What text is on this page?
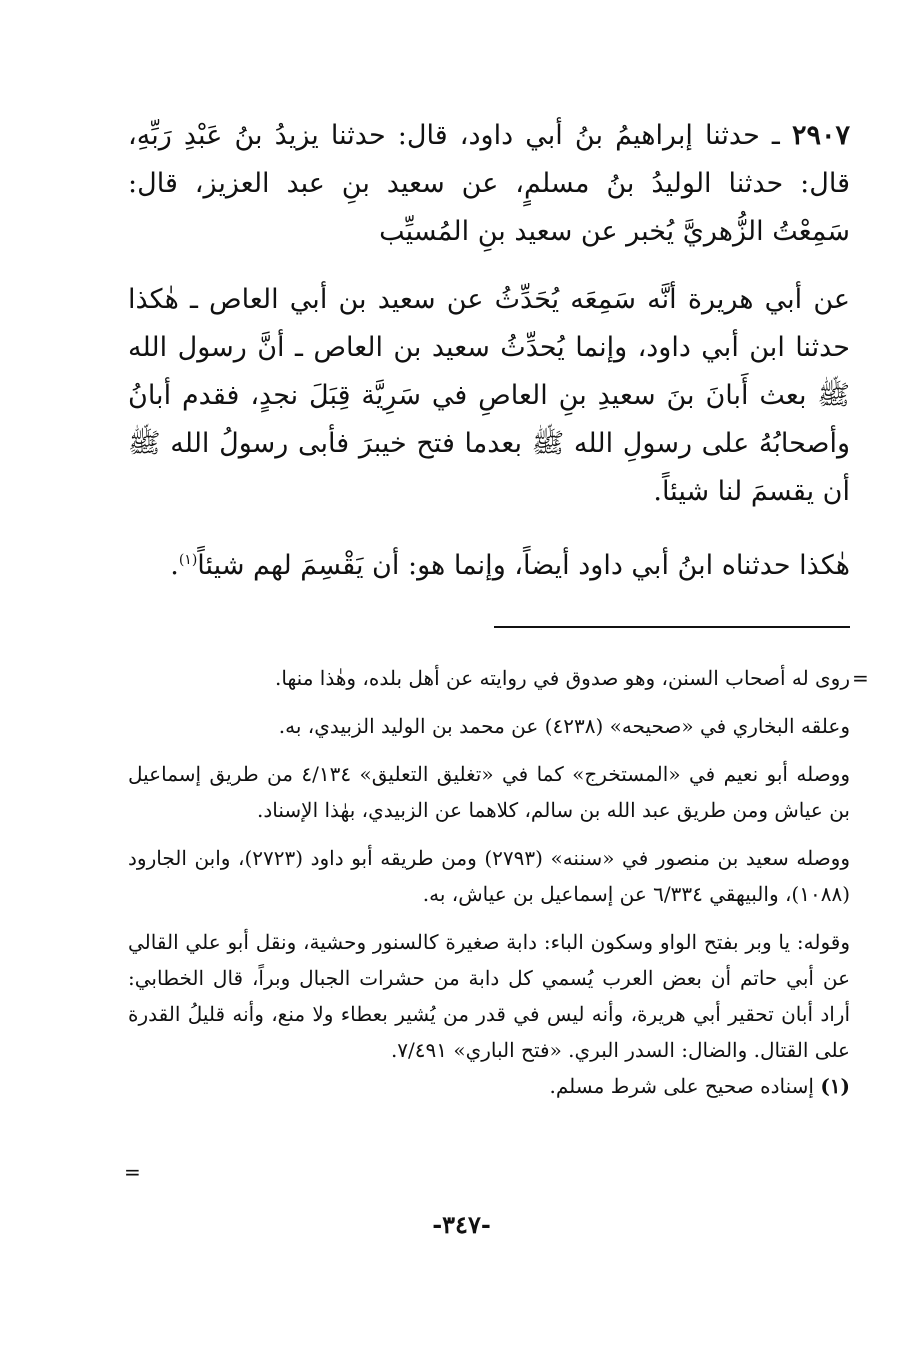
٢٩٠٧ ـ حدثنا إبراهيمُ بنُ أبي داود، قال: حدثنا يزيدُ بنُ عَبْدِ رَبِّهِ، قال: حدثنا الوليدُ بنُ مسلمٍ، عن سعيد بنِ عبد العزيز، قال: سَمِعْتُ الزُّهريَّ يُخبر عن سعيد بنِ المُسيِّب

عن أبي هريرة أنَّه سَمِعَه يُحَدِّثُ عن سعيد بن أبي العاص ـ هٰكذا حدثنا ابن أبي داود، وإنما يُحدِّثُ سعيد بن العاص ـ أنَّ رسول الله ﷺ بعث أَبانَ بنَ سعيدِ بنِ العاصِ في سَرِيَّة قِبَلَ نجدٍ، فقدم أبانُ وأصحابُهُ على رسولِ الله ﷺ بعدما فتح خيبرَ فأبى رسولُ الله ﷺ أن يقسمَ لنا شيئاً.

هٰكذا حدثناه ابنُ أبي داود أيضاً، وإنما هو: أن يَقْسِمَ لهم شيئاً$^{(١)}$.

=

روى له أصحاب السنن، وهو صدوق في روايته عن أهل بلده، وهٰذا منها.

وعلقه البخاري في «صحيحه» (٤٢٣٨) عن محمد بن الوليد الزبيدي، به.

ووصله أبو نعيم في «المستخرج» كما في «تغليق التعليق» ٤/١٣٤ من طريق إسماعيل بن عياش ومن طريق عبد الله بن سالم، كلاهما عن الزبيدي، بهٰذا الإسناد.

ووصله سعيد بن منصور في «سننه» (٢٧٩٣) ومن طريقه أبو داود (٢٧٢٣)، وابن الجارود (١٠٨٨)، والبيهقي ٦/٣٣٤ عن إسماعيل بن عياش، به.

وقوله: يا وبر بفتح الواو وسكون الباء: دابة صغيرة كالسنور وحشية، ونقل أبو علي القالي عن أبي حاتم أن بعض العرب يُسمي كل دابة من حشرات الجبال وبراً، قال الخطابي: أراد أبان تحقير أبي هريرة، وأنه ليس في قدر من يُشير بعطاء ولا منع، وأنه قليلُ القدرة على القتال. والضال: السدر البري. «فتح الباري» ٧/٤٩١.

(١) إسناده صحيح على شرط مسلم.

=
-٣٤٧-
